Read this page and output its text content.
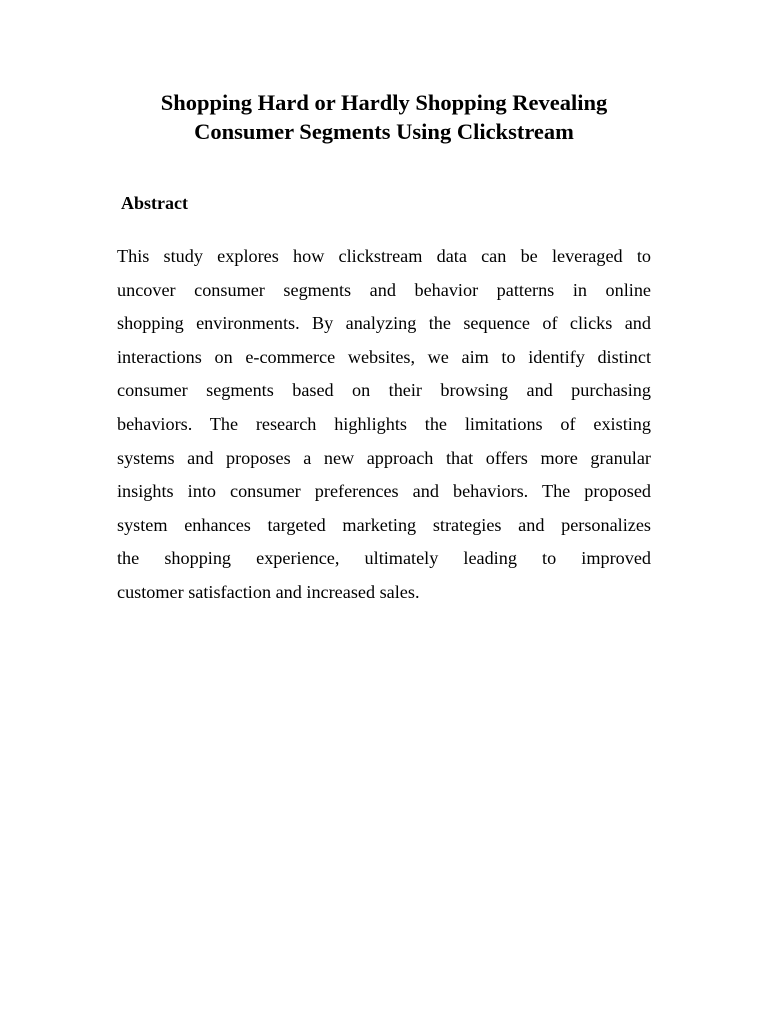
Shopping Hard or Hardly Shopping Revealing
Consumer Segments Using Clickstream
Abstract
This study explores how clickstream data can be leveraged to
uncover consumer segments and behavior patterns in online
shopping environments. By analyzing the sequence of clicks and
interactions on e-commerce websites, we aim to identify distinct
consumer segments based on their browsing and purchasing
behaviors. The research highlights the limitations of existing
systems and proposes a new approach that offers more granular
insights into consumer preferences and behaviors. The proposed
system enhances targeted marketing strategies and personalizes
the shopping experience, ultimately leading to improved
customer satisfaction and increased sales.
